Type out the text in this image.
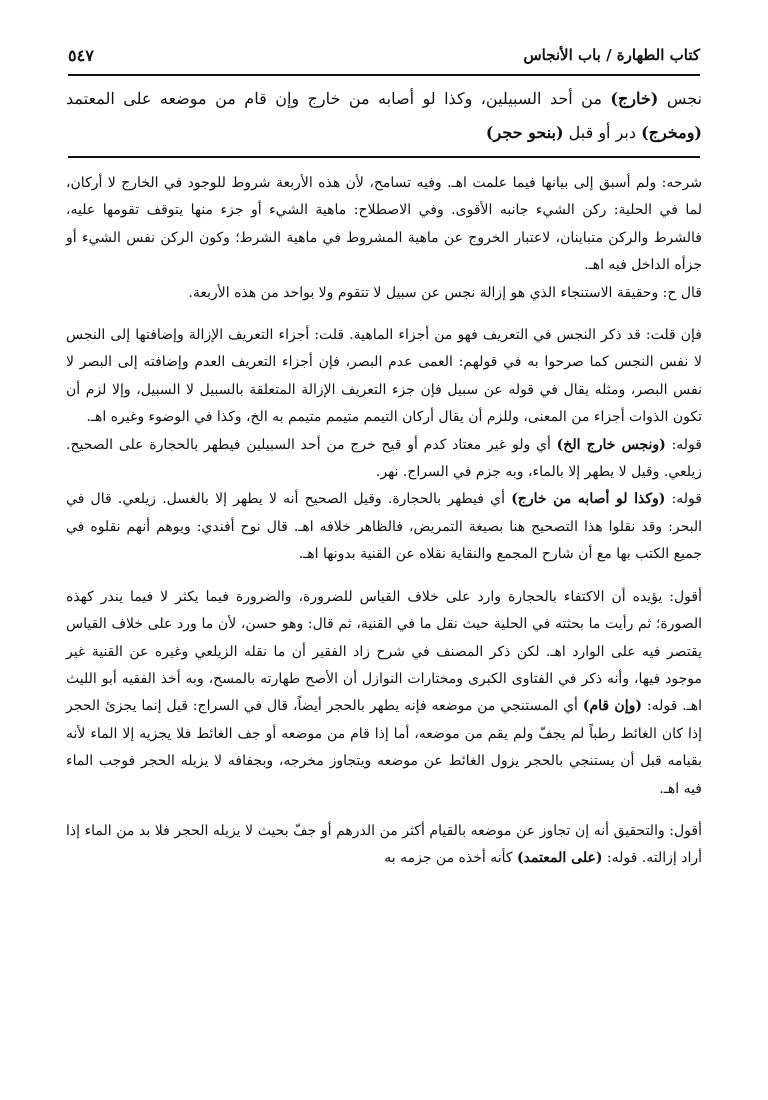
كتاب الطهارة / باب الأنجاس
٥٤٧
نجس (خارج) من أحد السبيلين، وكذا لو أصابه من خارج وإن قام من موضعه على المعتمد (ومخرج) دبر أو قبل (بنحو حجر)

شرحه: ولم أسبق إلى بيانها فيما علمت اهـ. وفيه تسامح، لأن هذه الأربعة شروط للوجود في الخارج لا أركان، لما في الحلية: ركن الشيء جانبه الأقوى. وفي الاصطلاح: ماهية الشيء أو جزء منها يتوقف تقومها عليه، فالشرط والركن متباينان، لاعتبار الخروج عن ماهية المشروط في ماهية الشرط؛ وكون الركن نفس الشيء أو جزأه الداخل فيه اهـ.

قال ح: وحقيقة الاستنجاء الذي هو إزالة نجس عن سبيل لا تتقوم ولا بواحد من هذه الأربعة.

فإن قلت: قد ذكر النجس في التعريف فهو من أجزاء الماهية. قلت: أجزاء التعريف الإزالة وإضافتها إلى النجس لا نفس النجس كما صرحوا به في قولهم: العمى عدم البصر، فإن أجزاء التعريف العدم وإضافته إلى البصر لا نفس البصر، ومثله يقال في قوله عن سبيل فإن جزء التعريف الإزالة المتعلقة بالسبيل لا السبيل، وإلا لزم أن تكون الذوات أجزاء من المعنى، وللزم أن يقال أركان التيمم متيمم متيمم به الخ، وكذا في الوضوء وغيره اهـ.

قوله: (ونجس خارج الخ) أي ولو غير معتاد كدم أو قيح خرج من أحد السبيلين فيطهر بالحجارة على الصحيح. زيلعي. وقيل لا يطهر إلا بالماء، وبه جزم في السراج. نهر.

قوله: (وكذا لو أصابه من خارج) أي فيطهر بالحجارة. وقيل الصحيح أنه لا يطهر إلا بالغسل. زيلعي. قال في البحر: وقد نقلوا هذا التصحيح هنا بصيغة التمريض، فالظاهر خلافه اهـ. قال نوح أفندي: ويوهم أنهم نقلوه في جميع الكتب بها مع أن شارح المجمع والنقاية نقلاه عن القنية بدونها اهـ.

أقول: يؤيده أن الاكتفاء بالحجارة وارد على خلاف القياس للضرورة، والضرورة فيما يكثر لا فيما يندر كهذه الصورة؛ ثم رأيت ما بحثته في الحلية حيث نقل ما في القنية، ثم قال: وهو حسن، لأن ما ورد على خلاف القياس يقتصر فيه على الوارد اهـ. لكن ذكر المصنف في شرح زاد الفقير أن ما نقله الزيلعي وغيره عن القنية غير موجود فيها، وأنه ذكر في الفتاوى الكبرى ومختارات النوازل أن الأصح طهارته بالمسح، وبه أخذ الفقيه أبو الليث اهـ. قوله: (وإن قام) أي المستنجي من موضعه فإنه يطهر بالحجر أيضاً، قال في السراج: قيل إنما يجزئ الحجر إذا كان الغائط رطباً لم يجفّ ولم يقم من موضعه، أما إذا قام من موضعه أو جف الغائط فلا يجزيه إلا الماء لأنه بقيامه قبل أن يستنجي بالحجر يزول الغائط عن موضعه ويتجاوز مخرجه، وبجفافه لا يزيله الحجر فوجب الماء فيه اهـ.

أقول: والتحقيق أنه إن تجاوز عن موضعه بالقيام أكثر من الدرهم أو جفّ بحيث لا يزيله الحجر فلا بد من الماء إذا أراد إزالته. قوله: (على المعتمد) كأنه أخذه من جزمه به
